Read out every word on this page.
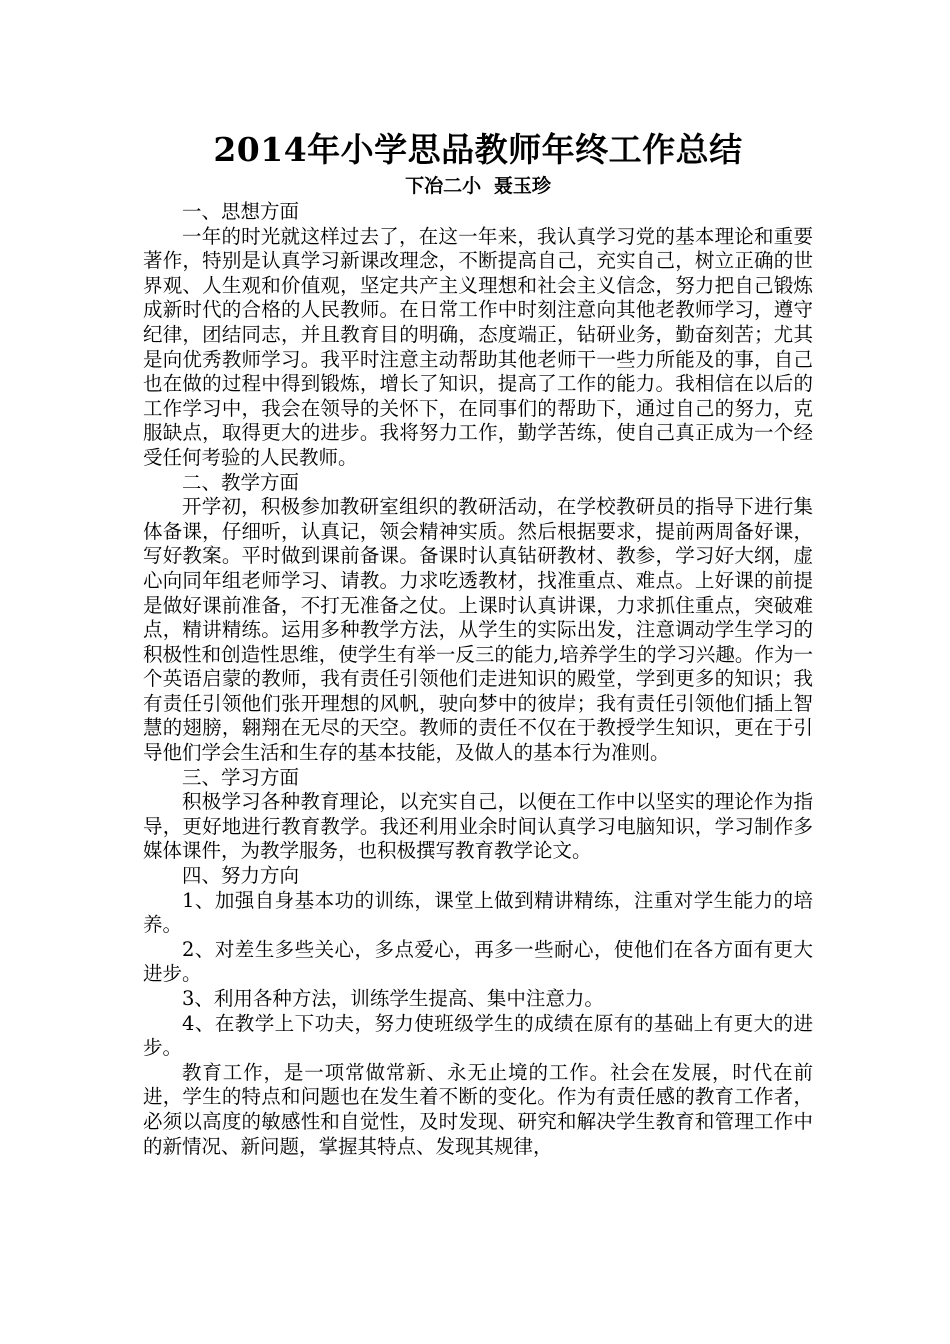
2014年小学思品教师年终工作总结
下冶二小 聂玉珍

一、思想方面

一年的时光就这样过去了，在这一年来，我认真学习党的基本理论和重要著作，特别是认真学习新课改理念，不断提高自己，充实自己，树立正确的世界观、人生观和价值观，坚定共产主义理想和社会主义信念，努力把自己锻炼成新时代的合格的人民教师。在日常工作中时刻注意向其他老教师学习，遵守纪律，团结同志，并且教育目的明确，态度端正，钻研业务，勤奋刻苦；尤其是向优秀教师学习。我平时注意主动帮助其他老师干一些力所能及的事，自己也在做的过程中得到锻炼，增长了知识，提高了工作的能力。我相信在以后的工作学习中，我会在领导的关怀下，在同事们的帮助下，通过自己的努力，克服缺点，取得更大的进步。我将努力工作，勤学苦练，使自己真正成为一个经受任何考验的人民教师。

二、教学方面

开学初，积极参加教研室组织的教研活动，在学校教研员的指导下进行集体备课，仔细听，认真记，领会精神实质。然后根据要求，提前两周备好课，写好教案。平时做到课前备课。备课时认真钻研教材、教参，学习好大纲，虚心向同年组老师学习、请教。力求吃透教材，找准重点、难点。上好课的前提是做好课前准备，不打无准备之仗。上课时认真讲课，力求抓住重点，突破难点，精讲精练。运用多种教学方法，从学生的实际出发，注意调动学生学习的积极性和创造性思维，使学生有举一反三的能力,培养学生的学习兴趣。作为一个英语启蒙的教师，我有责任引领他们走进知识的殿堂，学到更多的知识；我有责任引领他们张开理想的风帆，驶向梦中的彼岸；我有责任引领他们插上智慧的翅膀，翱翔在无尽的天空。教师的责任不仅在于教授学生知识，更在于引导他们学会生活和生存的基本技能，及做人的基本行为准则。

三、学习方面

积极学习各种教育理论，以充实自己，以便在工作中以坚实的理论作为指导，更好地进行教育教学。我还利用业余时间认真学习电脑知识，学习制作多媒体课件，为教学服务，也积极撰写教育教学论文。

四、努力方向

1、加强自身基本功的训练，课堂上做到精讲精练，注重对学生能力的培养。

2、对差生多些关心，多点爱心，再多一些耐心，使他们在各方面有更大进步。

3、利用各种方法，训练学生提高、集中注意力。

4、在教学上下功夫，努力使班级学生的成绩在原有的基础上有更大的进步。

教育工作，是一项常做常新、永无止境的工作。社会在发展，时代在前进，学生的特点和问题也在发生着不断的变化。作为有责任感的教育工作者，必须以高度的敏感性和自觉性，及时发现、研究和解决学生教育和管理工作中的新情况、新问题，掌握其特点、发现其规律，
